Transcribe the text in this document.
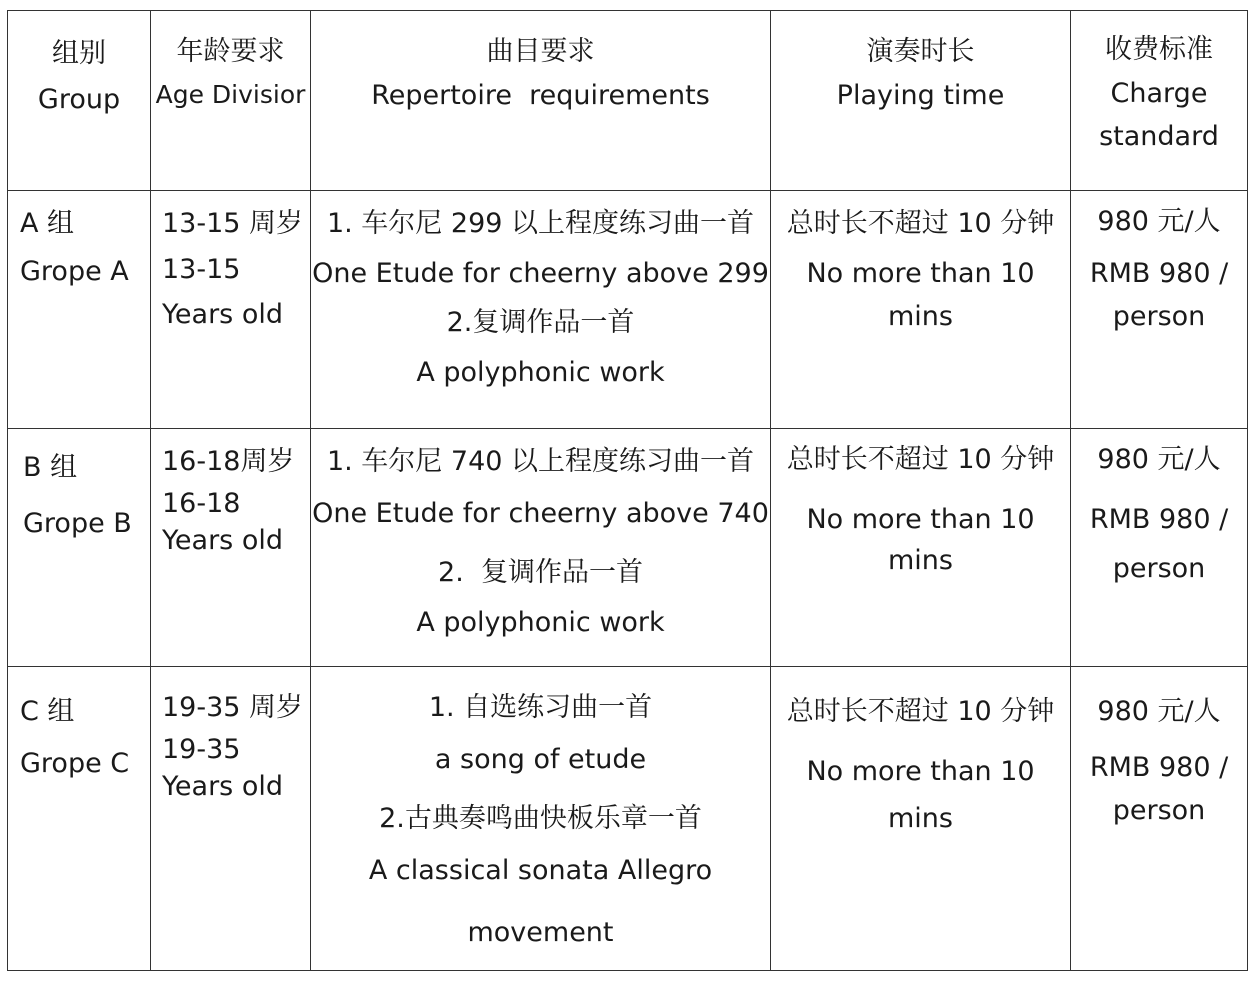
组别
Group	年龄要求
Age Divisior	曲目要求
Repertoire  requirements	演奏时长
Playing time	收费标准
Charge
standard

A 组
Grope A	13-15 周岁
13-15
Years old	1. 车尔尼 299 以上程度练习曲一首
One Etude for cheerny above 299
2.复调作品一首
A polyphonic work	总时长不超过 10 分钟
No more than 10
mins	980 元/人
RMB 980 /
person

B 组
Grope B	16-18周岁
16-18
Years old	1. 车尔尼 740 以上程度练习曲一首
One Etude for cheerny above 740
2.  复调作品一首
A polyphonic work	总时长不超过 10 分钟
No more than 10
mins	980 元/人
RMB 980 /
person

C 组
Grope C	19-35 周岁
19-35
Years old	1. 自选练习曲一首
a song of etude
2.古典奏鸣曲快板乐章一首
A classical sonata Allegro
movement	总时长不超过 10 分钟
No more than 10
mins	980 元/人
RMB 980 /
person
